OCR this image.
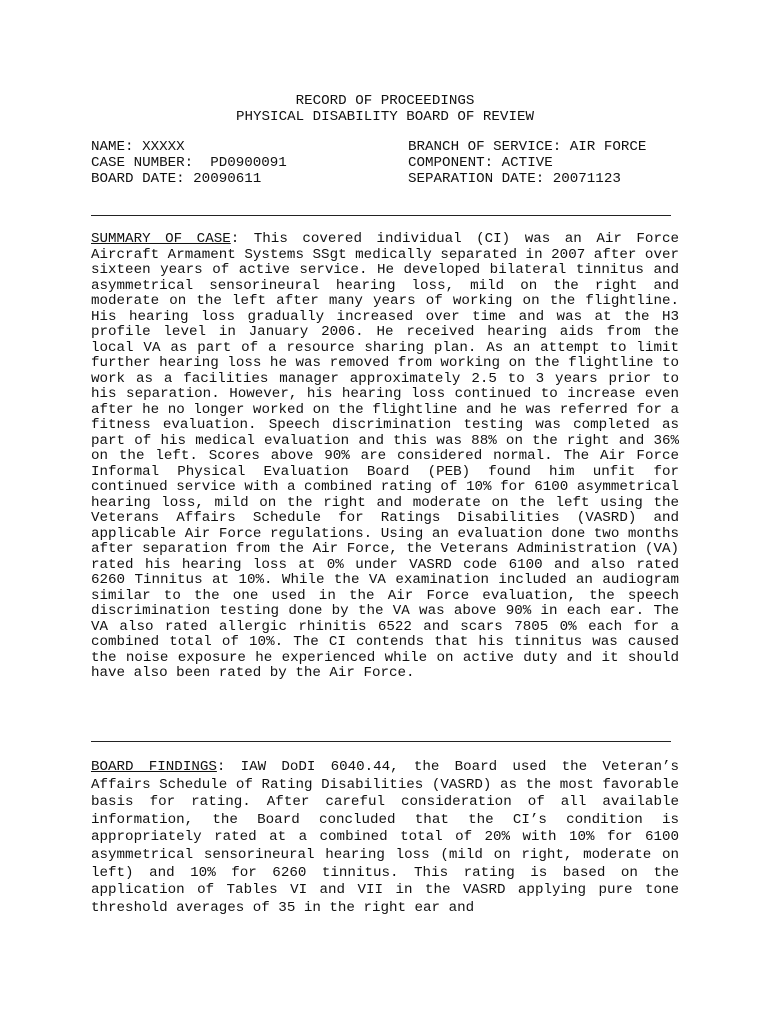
RECORD OF PROCEEDINGS
PHYSICAL DISABILITY BOARD OF REVIEW
NAME: XXXXX
CASE NUMBER:  PD0900091
BOARD DATE: 20090611
BRANCH OF SERVICE: AIR FORCE
COMPONENT: ACTIVE
SEPARATION DATE: 20071123

SUMMARY OF CASE: This covered individual (CI) was an Air Force Aircraft Armament Systems SSgt medically separated in 2007 after over sixteen years of active service. He developed bilateral tinnitus and asymmetrical sensorineural hearing loss, mild on the right and moderate on the left after many years of working on the flightline. His hearing loss gradually increased over time and was at the H3 profile level in January 2006. He received hearing aids from the local VA as part of a resource sharing plan. As an attempt to limit further hearing loss he was removed from working on the flightline to work as a facilities manager approximately 2.5 to 3 years prior to his separation. However, his hearing loss continued to increase even after he no longer worked on the flightline and he was referred for a fitness evaluation. Speech discrimination testing was completed as part of his medical evaluation and this was 88% on the right and 36% on the left. Scores above 90% are considered normal. The Air Force Informal Physical Evaluation Board (PEB) found him unfit for continued service with a combined rating of 10% for 6100 asymmetrical hearing loss, mild on the right and moderate on the left using the Veterans Affairs Schedule for Ratings Disabilities (VASRD) and applicable Air Force regulations. Using an evaluation done two months after separation from the Air Force, the Veterans Administration (VA) rated his hearing loss at 0% under VASRD code 6100 and also rated 6260 Tinnitus at 10%. While the VA examination included an audiogram similar to the one used in the Air Force evaluation, the speech discrimination testing done by the VA was above 90% in each ear. The VA also rated allergic rhinitis 6522 and scars 7805 0% each for a combined total of 10%. The CI contends that his tinnitus was caused the noise exposure he experienced while on active duty and it should have also been rated by the Air Force.

BOARD FINDINGS: IAW DoDI 6040.44, the Board used the Veteran’s Affairs Schedule of Rating Disabilities (VASRD) as the most favorable basis for rating. After careful consideration of all available information, the Board concluded that the CI’s condition is appropriately rated at a combined total of 20% with 10% for 6100 asymmetrical sensorineural hearing loss (mild on right, moderate on left) and 10% for 6260 tinnitus. This rating is based on the application of Tables VI and VII in the VASRD applying pure tone threshold averages of 35 in the right ear and
